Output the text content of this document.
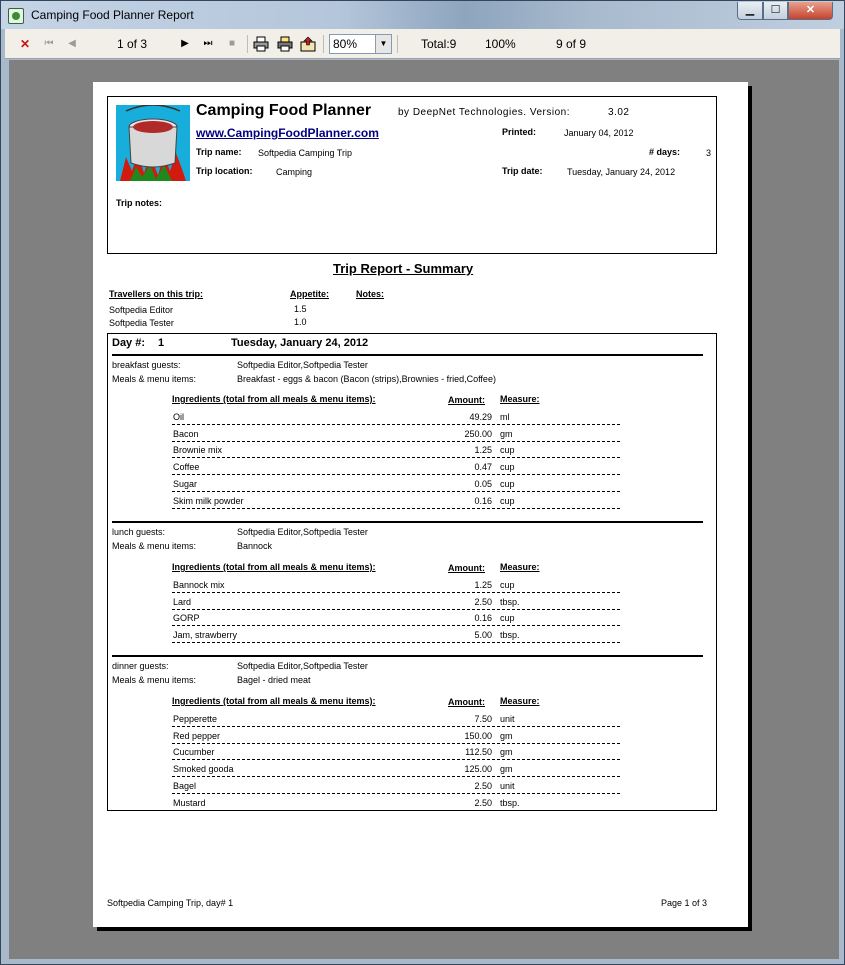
Camping Food Planner Report	▁	☐	✕
✕	⏮	◀	1 of 3	▶	⏭	■	80%	▼	Total:9 100%	9 of 9
Camping Food Planner	by DeepNet Technologies. Version:	3.02
www.CampingFoodPlanner.com	Printed:	January 04, 2012
Trip name: Softpedia Camping Trip	# days:	3
Trip location:	Camping	Trip date:	Tuesday, January 24, 2012
Trip notes:
Trip Report - Summary
Travellers on this trip:	Appetite:	Notes:
Softpedia Editor	1.5
Softpedia Tester	1.0
Day #: 1	Tuesday, January 24, 2012
breakfast guests:	Softpedia Editor,Softpedia Tester
Meals & menu items:	Breakfast - eggs & bacon (Bacon (strips),Brownies - fried,Coffee)
Ingredients (total from all meals & menu items):	Amount: Measure:
Oil	49.29 ml
Bacon	250.00 gm
Brownie mix	1.25 cup
Coffee	0.47 cup
Sugar	0.05 cup
Skim milk powder	0.16 cup
lunch guests:	Softpedia Editor,Softpedia Tester
Meals & menu items:	Bannock
Ingredients (total from all meals & menu items):	Amount: Measure:
Bannock mix	1.25 cup
Lard	2.50 tbsp.
GORP	0.16 cup
Jam, strawberry	5.00 tbsp.
dinner guests:	Softpedia Editor,Softpedia Tester
Meals & menu items:	Bagel - dried meat
Ingredients (total from all meals & menu items):	Amount: Measure:
Pepperette	7.50 unit
Red pepper	150.00 gm
Cucumber	112.50 gm
Smoked gooda	125.00 gm
Bagel	2.50 unit
Mustard	2.50 tbsp.
Softpedia Camping Trip, day# 1	Page 1 of 3
